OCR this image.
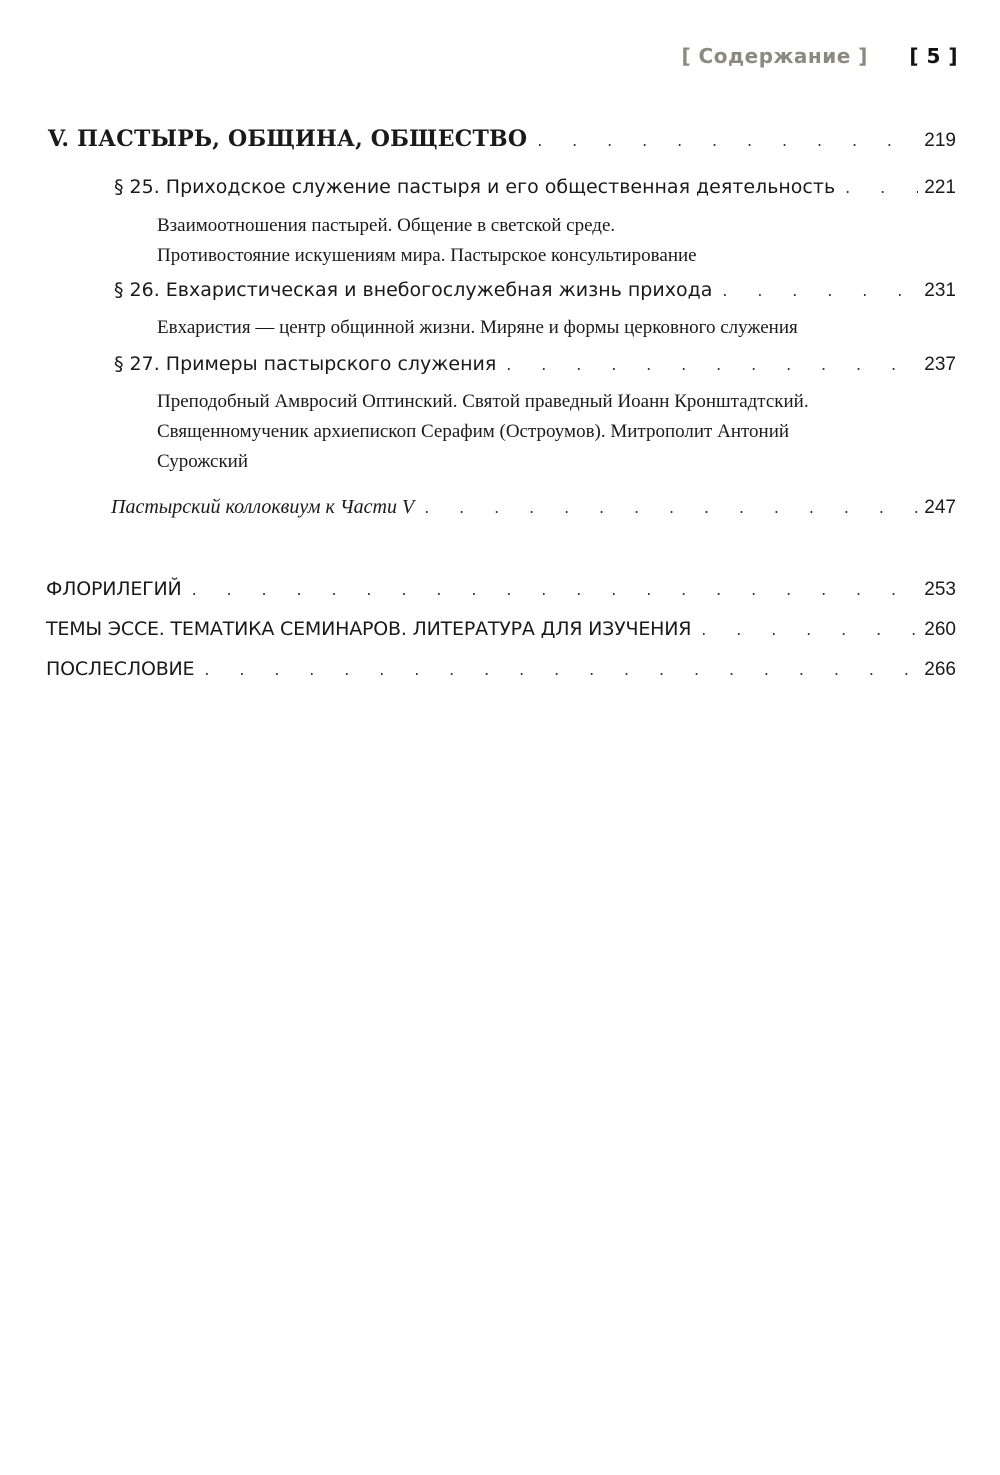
[ Содержание ] [ 5 ]
V. ПАСТЫРЬ, ОБЩИНА, ОБЩЕСТВО . . .	219
§ 25. Приходское служение пастыря и его общественная деятельность . . .	221
Взаимоотношения пастырей. Общение в светской среде.
Противостояние искушениям мира. Пастырское консультирование
§ 26. Евхаристическая и внебогослужебная жизнь прихода . . .	231
Евхаристия — центр общинной жизни. Миряне и формы церковного служения
§ 27. Примеры пастырского служения . . .	237
Преподобный Амвросий Оптинский. Святой праведный Иоанн Кронштадтский.
Священномученик архиепископ Серафим (Остроумов). Митрополит Антоний
Сурожский
Пастырский коллоквиум к Части V . . .	247
ФЛОРИЛЕГИЙ . . .	253
ТЕМЫ ЭССЕ. ТЕМАТИКА СЕМИНАРОВ. ЛИТЕРАТУРА ДЛЯ ИЗУЧЕНИЯ . . .	260
ПОСЛЕСЛОВИЕ . . .	266
